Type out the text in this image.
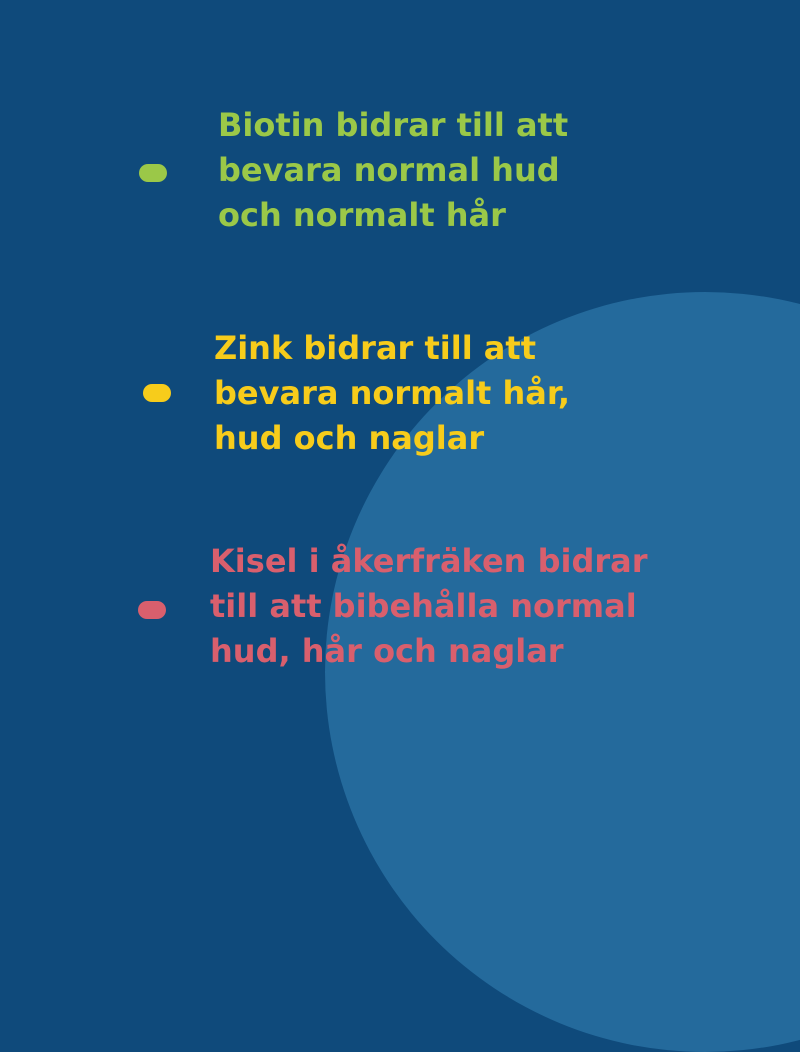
Biotin bidrar till att
bevara normal hud
och normalt hår

Zink bidrar till att
bevara normalt hår,
hud och naglar

Kisel i åkerfräken bidrar
till att bibehålla normal
hud, hår och naglar
